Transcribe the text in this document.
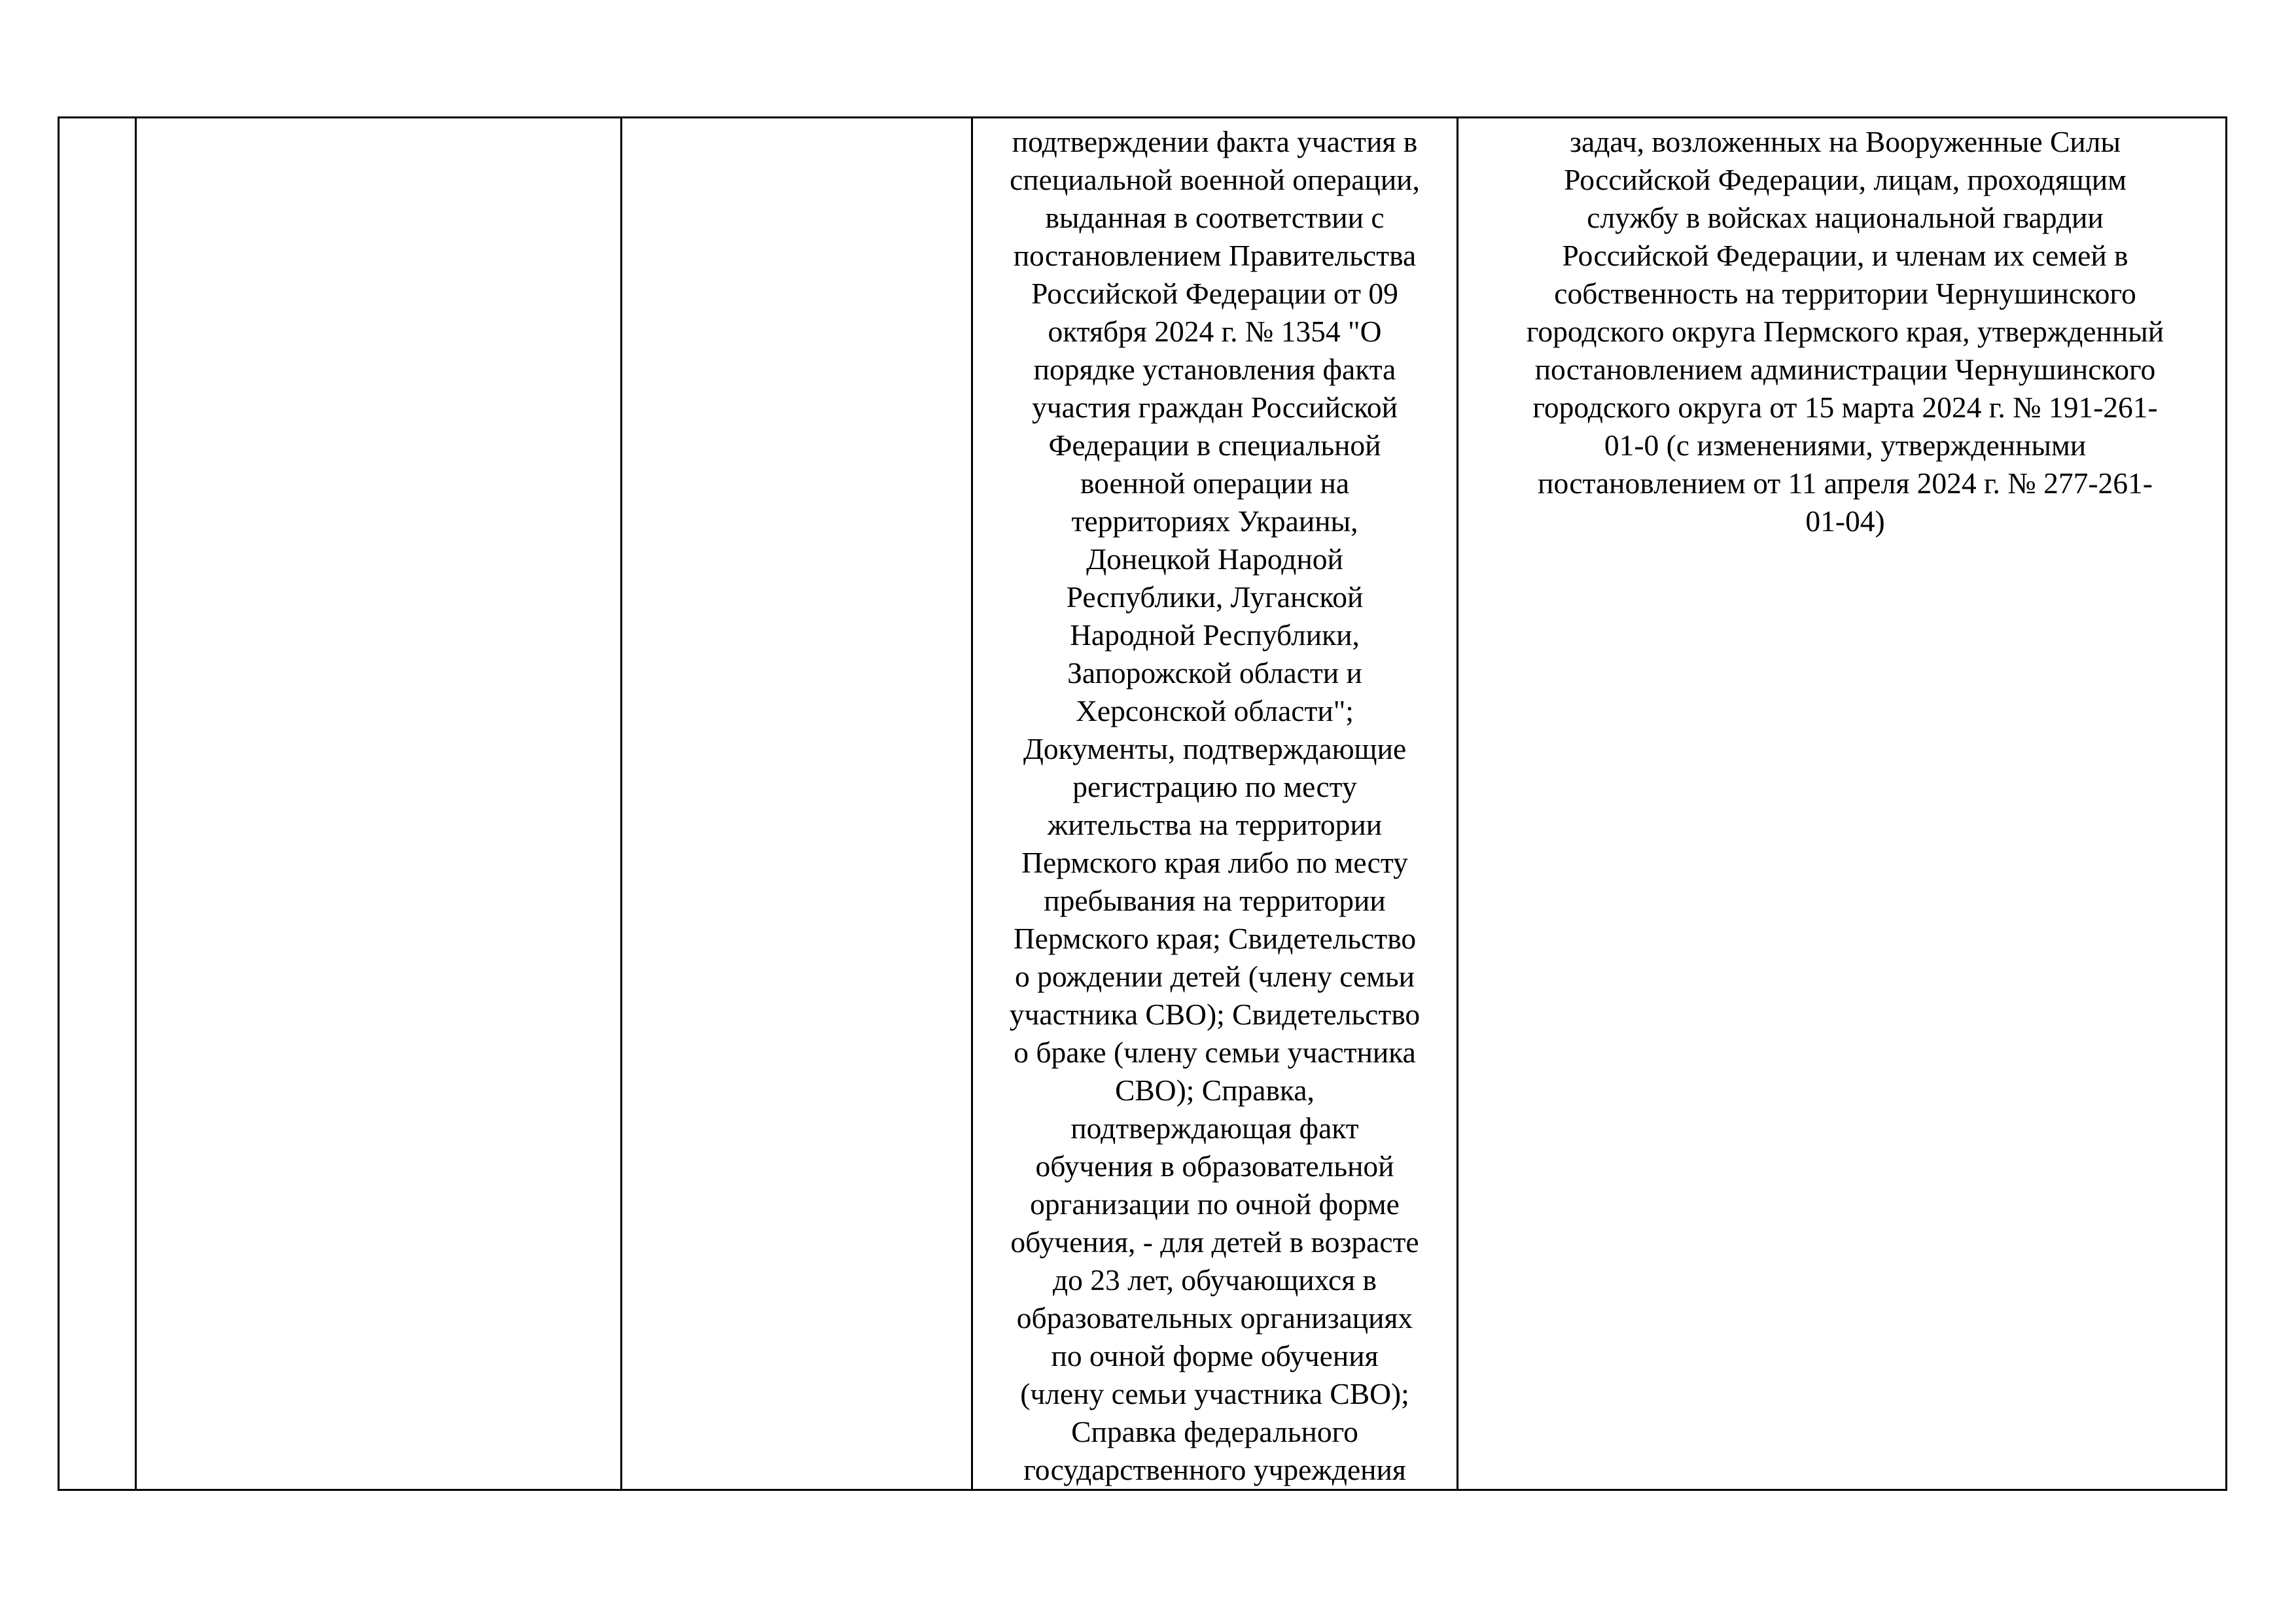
подтверждении факта участия в
специальной военной операции,
выданная в соответствии с
постановлением Правительства
Российской Федерации от 09
октября 2024 г. № 1354 "О
порядке установления факта
участия граждан Российской
Федерации в специальной
военной операции на
территориях Украины,
Донецкой Народной
Республики, Луганской
Народной Республики,
Запорожской области и
Херсонской области";
Документы, подтверждающие
регистрацию по месту
жительства на территории
Пермского края либо по месту
пребывания на территории
Пермского края; Свидетельство
о рождении детей (члену семьи
участника СВО); Свидетельство
о браке (члену семьи участника
СВО); Справка,
подтверждающая факт
обучения в образовательной
организации по очной форме
обучения, - для детей в возрасте
до 23 лет, обучающихся в
образовательных организациях
по очной форме обучения
(члену семьи участника СВО);
Справка федерального
государственного учреждения

задач, возложенных на Вооруженные Силы
Российской Федерации, лицам, проходящим
службу в войсках национальной гвардии
Российской Федерации, и членам их семей в
собственность на территории Чернушинского
городского округа Пермского края, утвержденный
постановлением администрации Чернушинского
городского округа от 15 марта 2024 г. № 191-261-
01-0 (с изменениями, утвержденными
постановлением от 11 апреля 2024 г. № 277-261-
01-04)
